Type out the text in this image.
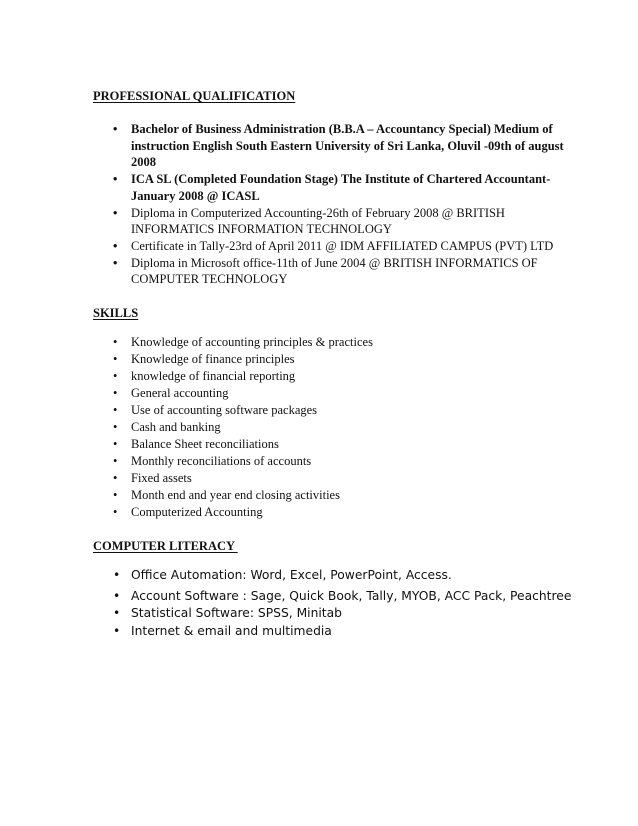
PROFESSIONAL QUALIFICATION
• Bachelor of Business Administration (B.B.A – Accountancy Special) Medium of instruction English South Eastern University of Sri Lanka, Oluvil -09th of august 2008
• ICA SL (Completed Foundation Stage) The Institute of Chartered Accountant-January 2008 @ ICASL
• Diploma in Computerized Accounting-26th of February 2008 @ BRITISH INFORMATICS INFORMATION TECHNOLOGY
• Certificate in Tally-23rd of April 2011 @ IDM AFFILIATED CAMPUS (PVT) LTD
• Diploma in Microsoft office-11th of June 2004 @ BRITISH INFORMATICS OF COMPUTER TECHNOLOGY
SKILLS
• Knowledge of accounting principles & practices
• Knowledge of finance principles
• knowledge of financial reporting
• General accounting
• Use of accounting software packages
• Cash and banking
• Balance Sheet reconciliations
• Monthly reconciliations of accounts
• Fixed assets
• Month end and year end closing activities
• Computerized Accounting
COMPUTER LITERACY
• Office Automation: Word, Excel, PowerPoint, Access.
• Account Software : Sage, Quick Book, Tally, MYOB, ACC Pack, Peachtree
• Statistical Software: SPSS, Minitab
• Internet & email and multimedia
